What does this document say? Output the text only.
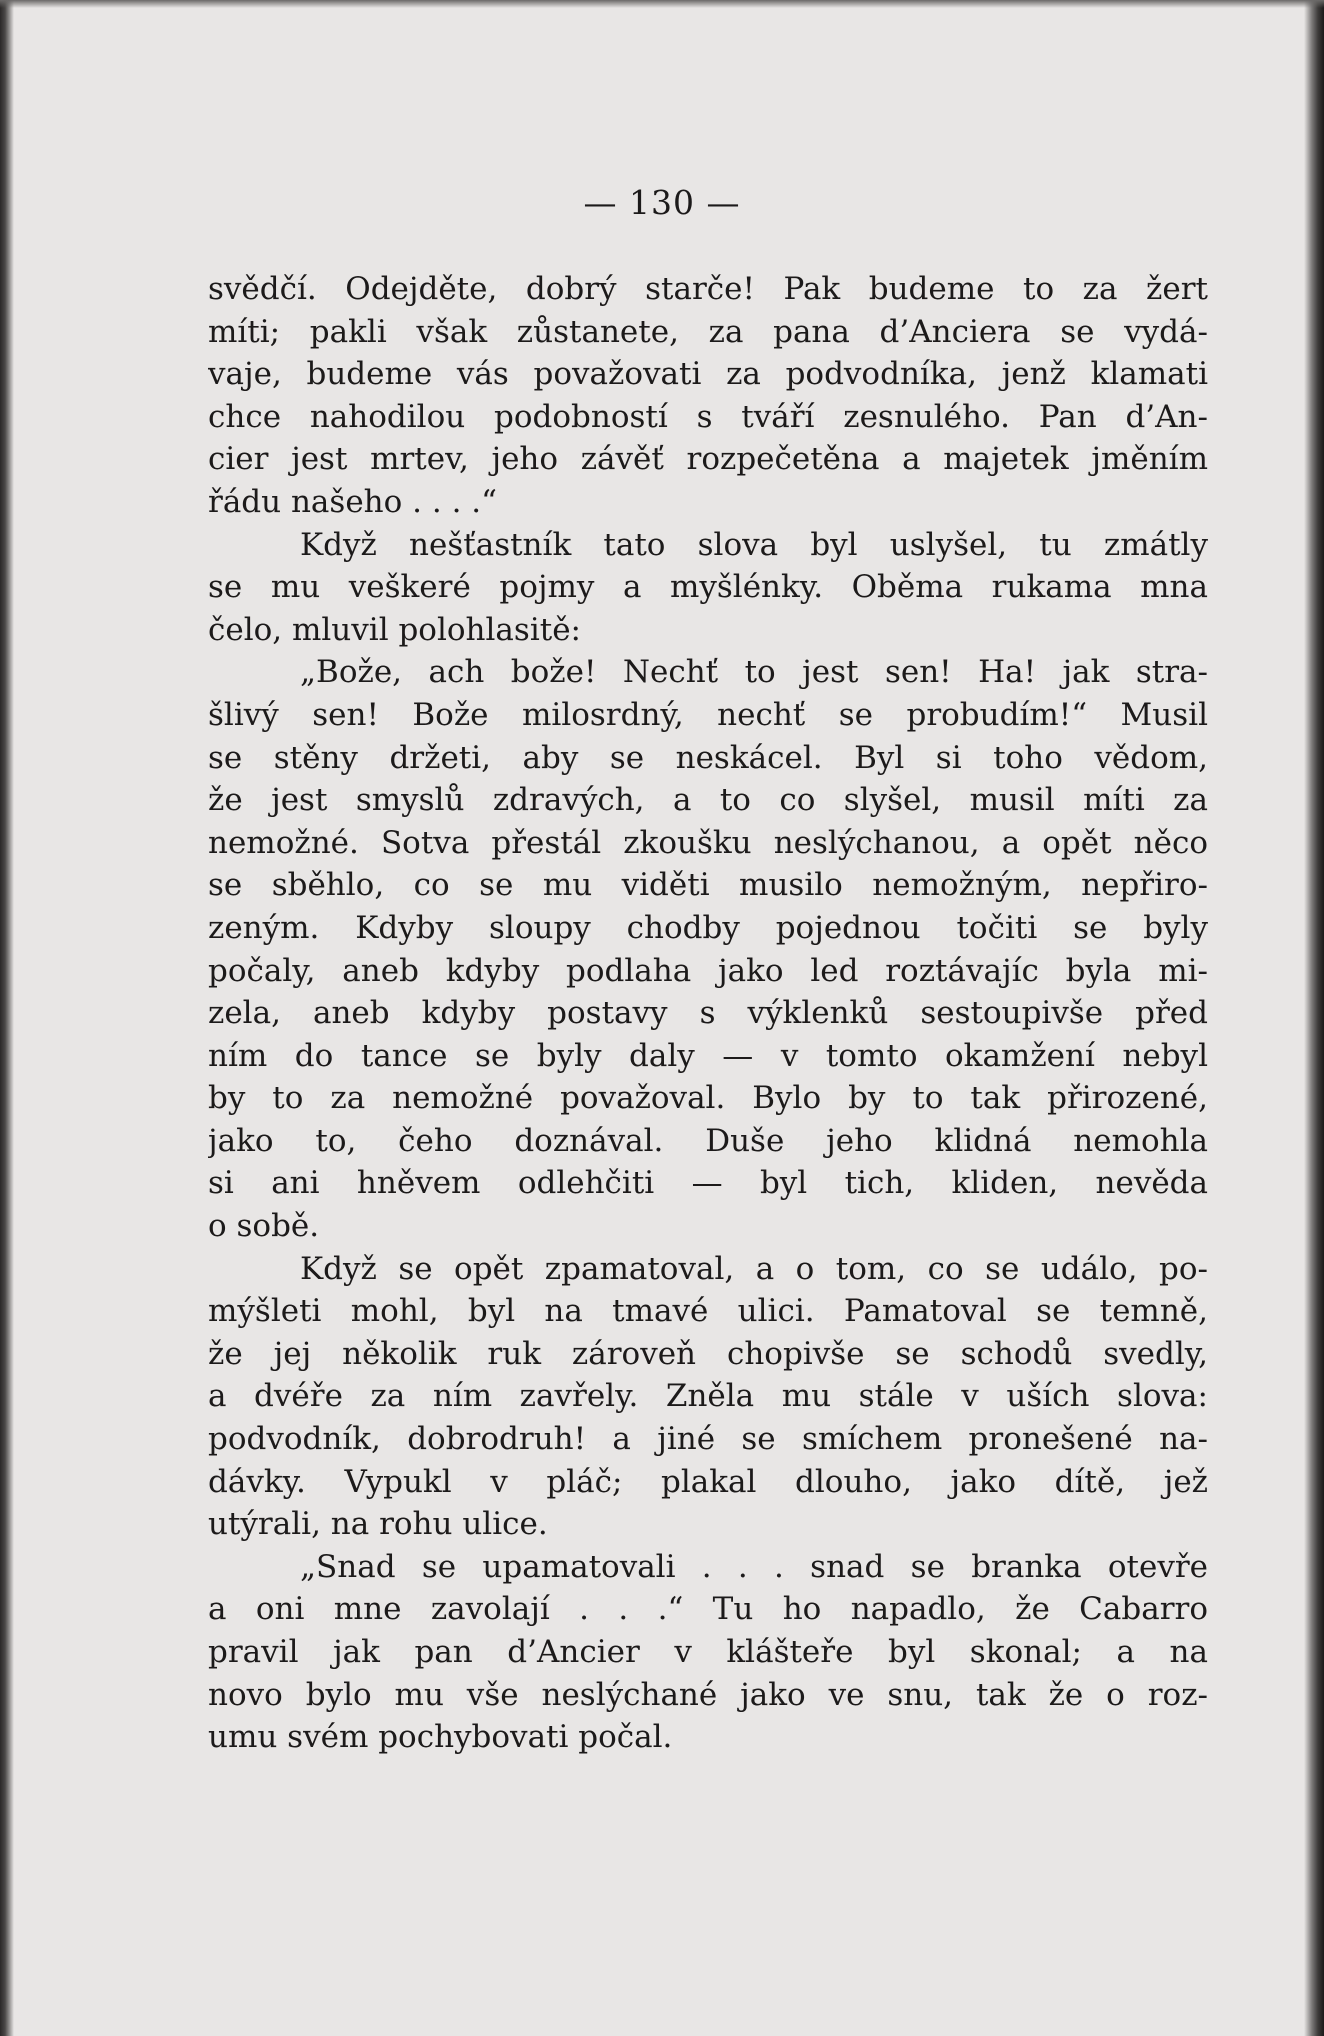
— 130 —
svědčí. Odejděte, dobrý starče! Pak budeme to za žert
míti; pakli však zůstanete, za pana d’Anciera se vydá-
vaje, budeme vás považovati za podvodníka, jenž klamati
chce nahodilou podobností s tváří zesnulého. Pan d’An-
cier jest mrtev, jeho závěť rozpečetěna a majetek jměním
řádu našeho . . . .“
Když nešťastník tato slova byl uslyšel, tu zmátly
se mu veškeré pojmy a myšlénky. Oběma rukama mna
čelo, mluvil polohlasitě:
„Bože, ach bože! Nechť to jest sen! Ha! jak stra-
šlivý sen! Bože milosrdný, nechť se probudím!“ Musil
se stěny držeti, aby se neskácel. Byl si toho vědom,
že jest smyslů zdravých, a to co slyšel, musil míti za
nemožné. Sotva přestál zkoušku neslýchanou, a opět něco
se sběhlo, co se mu viděti musilo nemožným, nepřiro-
zeným. Kdyby sloupy chodby pojednou točiti se byly
počaly, aneb kdyby podlaha jako led roztávajíc byla mi-
zela, aneb kdyby postavy s výklenků sestoupivše před
ním do tance se byly daly — v tomto okamžení nebyl
by to za nemožné považoval. Bylo by to tak přirozené,
jako to, čeho doznával. Duše jeho klidná nemohla
si ani hněvem odlehčiti — byl tich, kliden, nevěda
o sobě.
Když se opět zpamatoval, a o tom, co se událo, po-
mýšleti mohl, byl na tmavé ulici. Pamatoval se temně,
že jej několik ruk zároveň chopivše se schodů svedly,
a dvéře za ním zavřely. Zněla mu stále v uších slova:
podvodník, dobrodruh! a jiné se smíchem pronešené na-
dávky. Vypukl v pláč; plakal dlouho, jako dítě, jež
utýrali, na rohu ulice.
„Snad se upamatovali . . . snad se branka otevře
a oni mne zavolají . . .“ Tu ho napadlo, že Cabarro
pravil jak pan d’Ancier v klášteře byl skonal; a na
novo bylo mu vše neslýchané jako ve snu, tak že o roz-
umu svém pochybovati počal.
